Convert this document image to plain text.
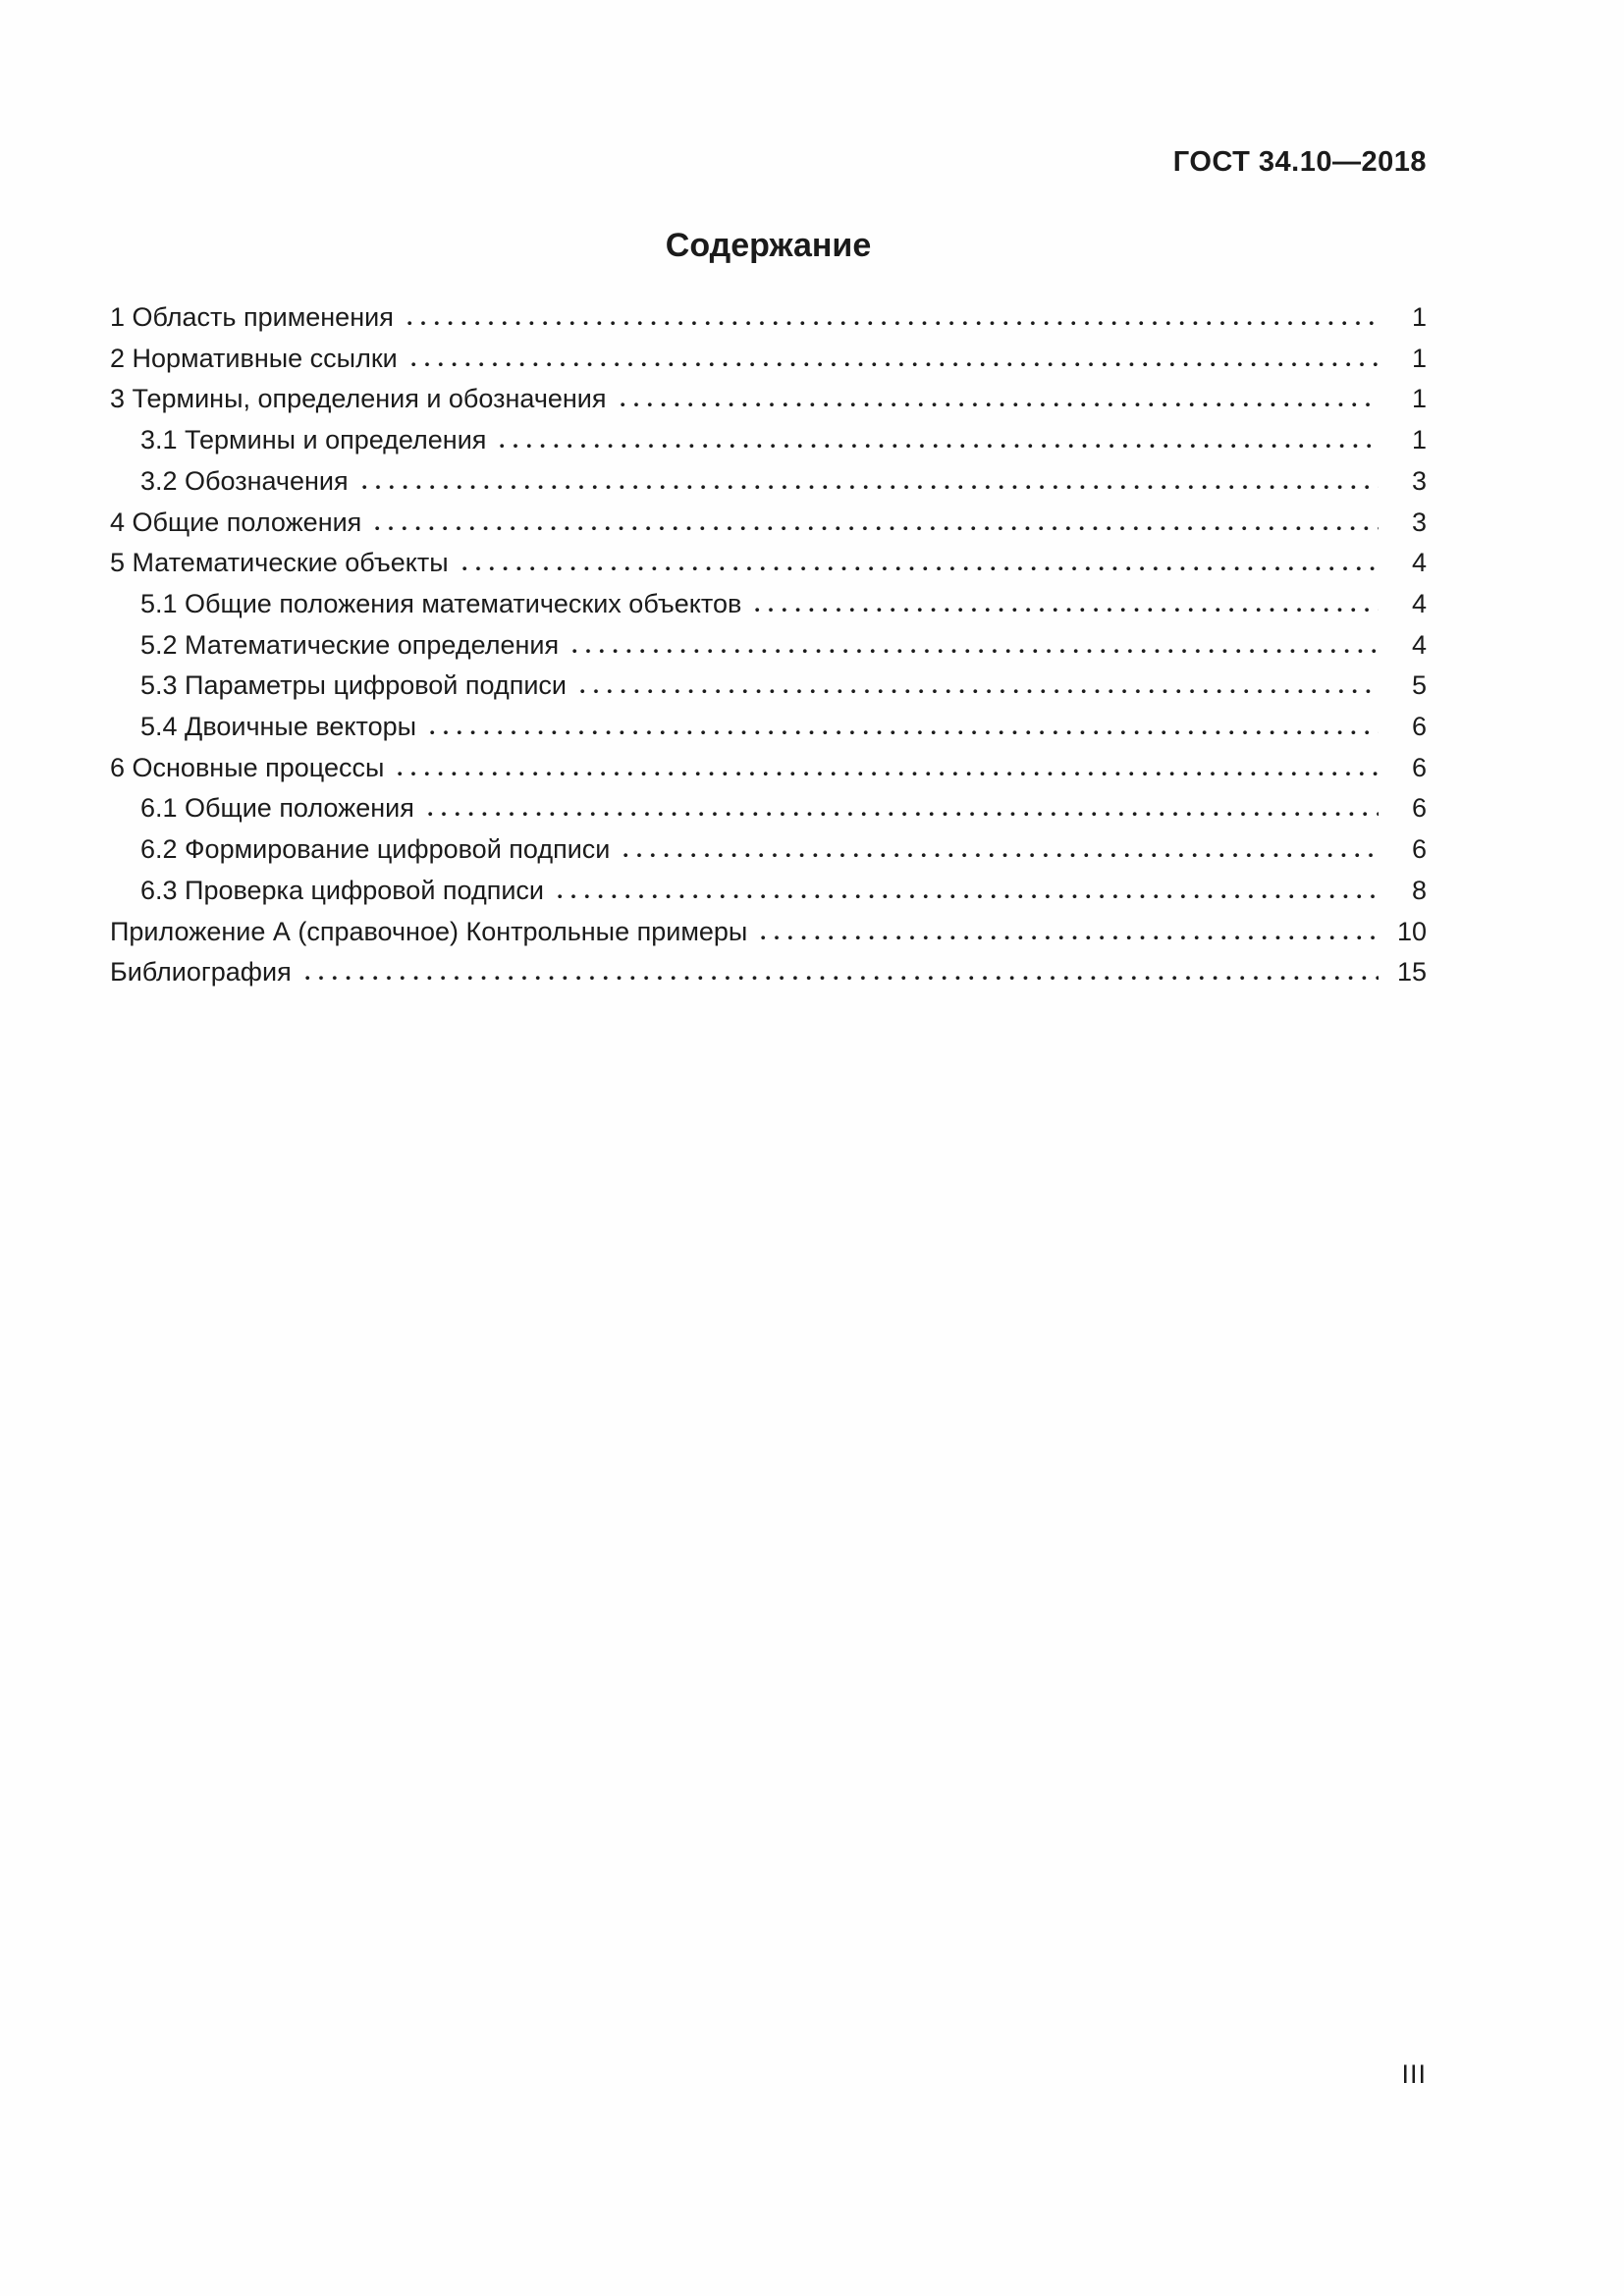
ГОСТ 34.10—2018
Содержание
1 Область применения	1
2 Нормативные ссылки	1
3 Термины, определения и обозначения	1
3.1 Термины и определения	1
3.2 Обозначения	3
4 Общие положения	3
5 Математические объекты	4
5.1 Общие положения математических объектов	4
5.2 Математические определения	4
5.3 Параметры цифровой подписи	5
5.4 Двоичные векторы	6
6 Основные процессы	6
6.1 Общие положения	6
6.2 Формирование цифровой подписи	6
6.3 Проверка цифровой подписи	8
Приложение А (справочное) Контрольные примеры	10
Библиография	15
III
